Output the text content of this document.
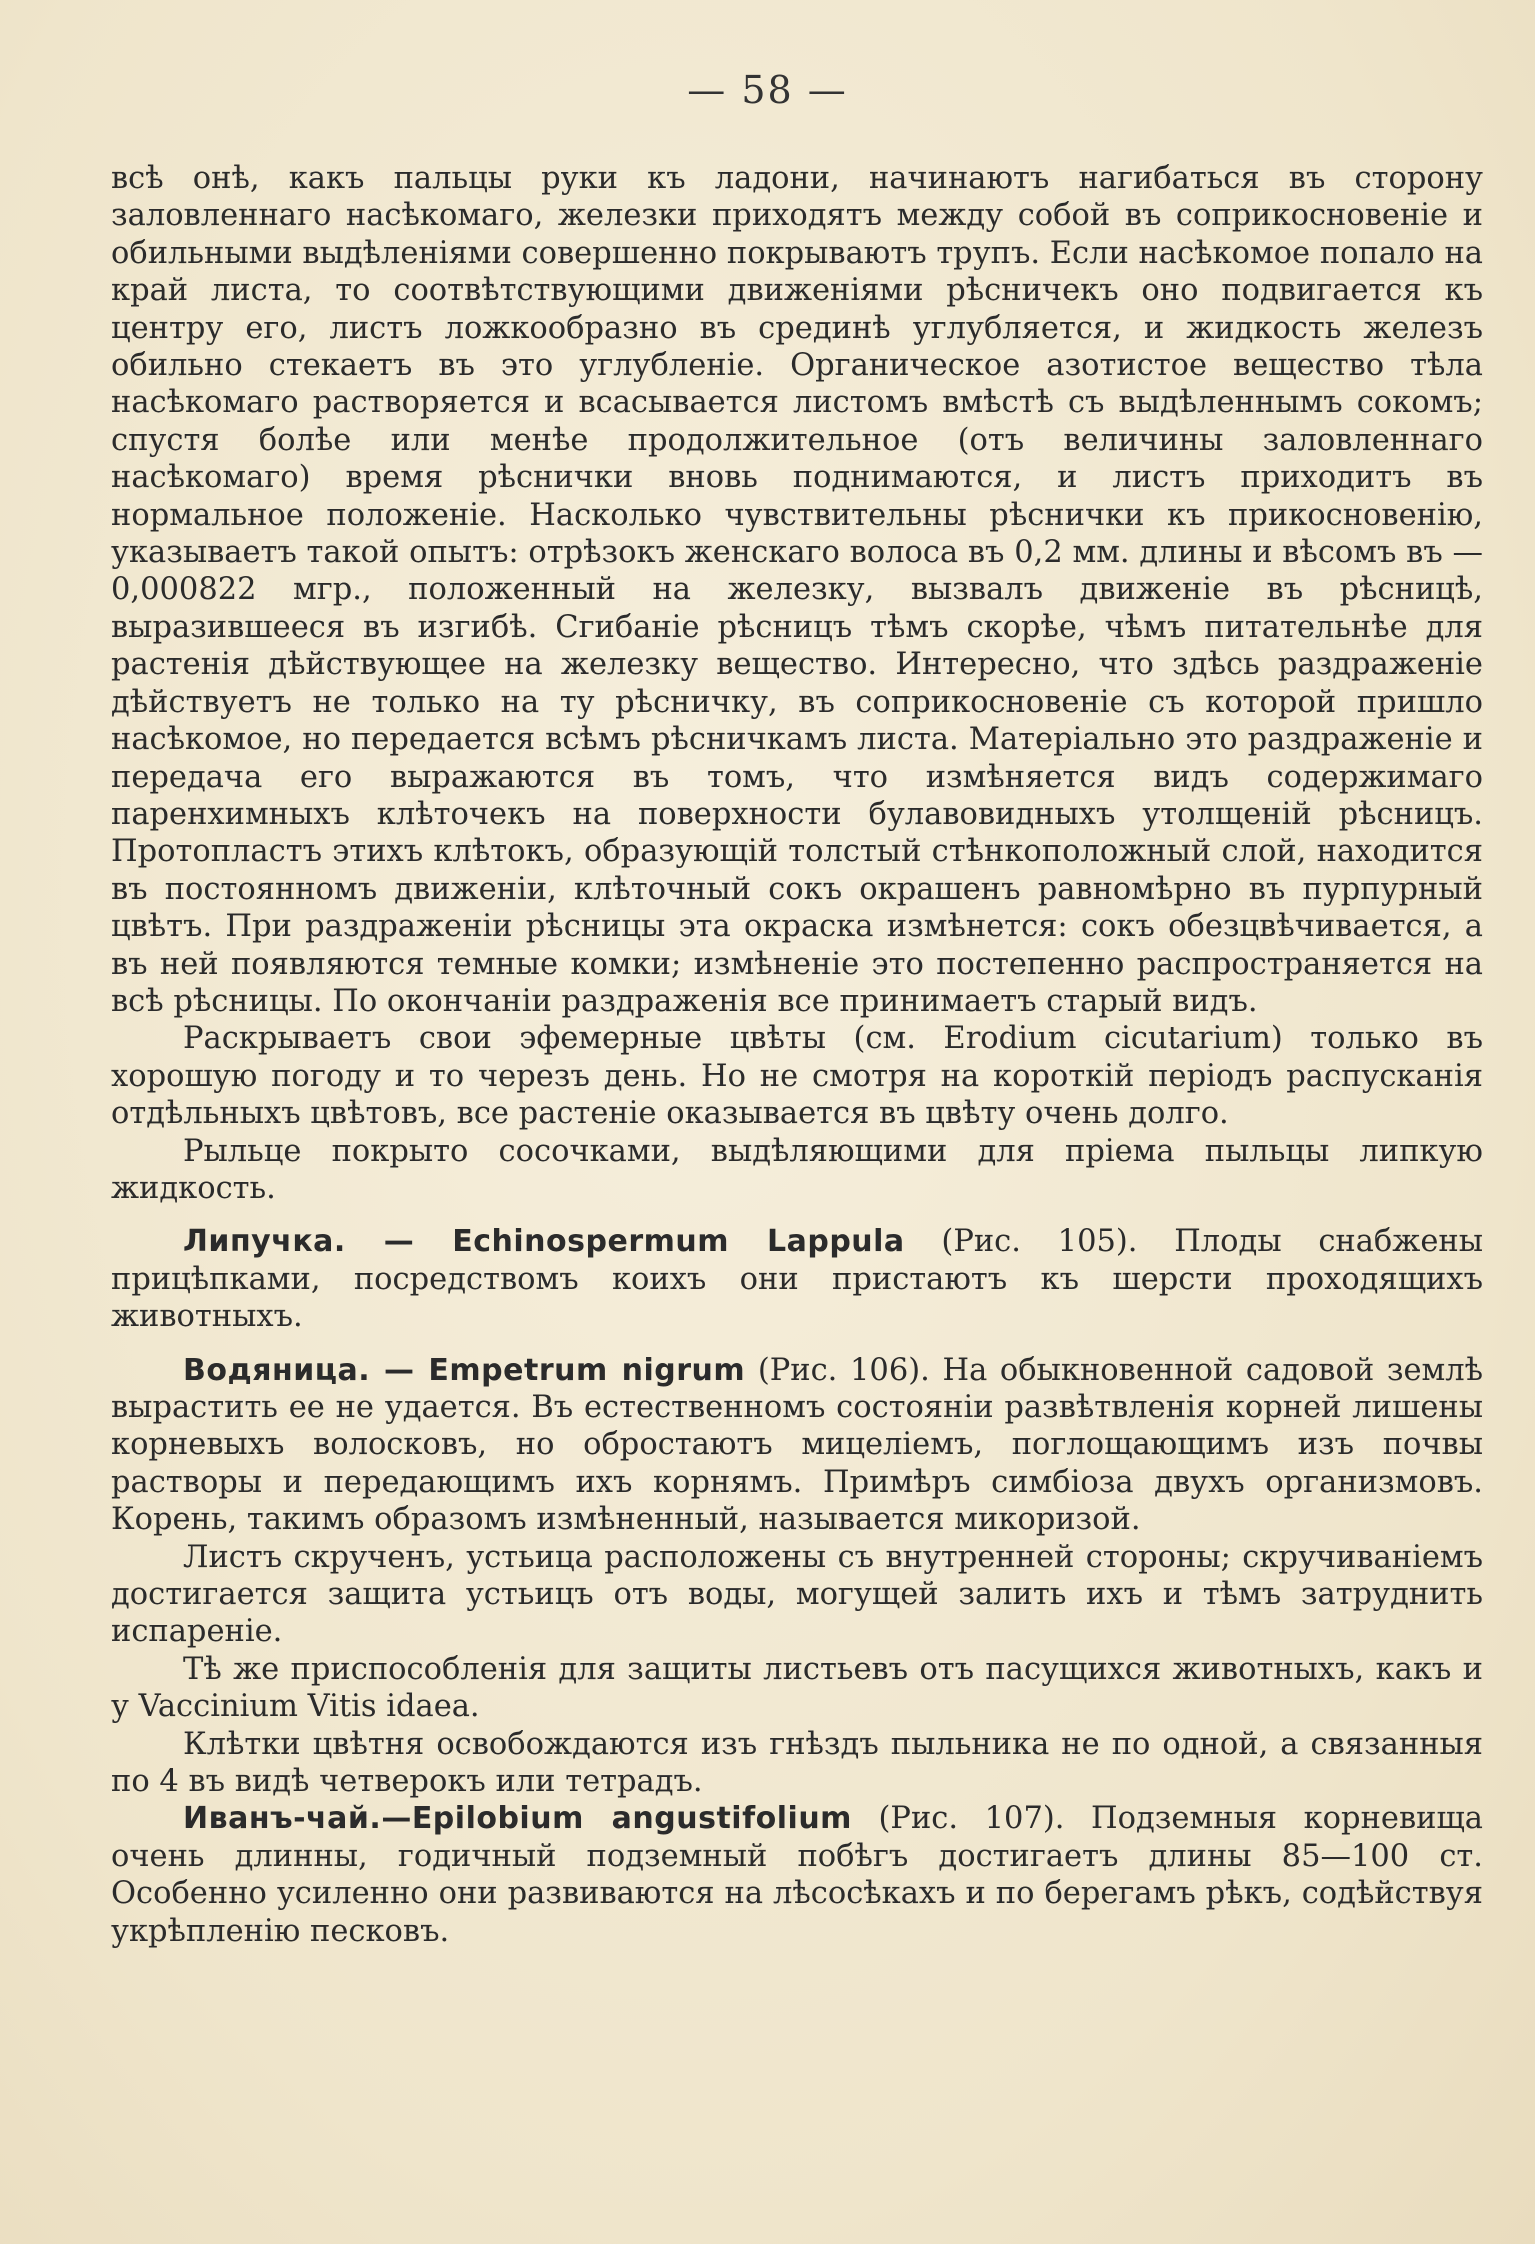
— 58 —

всѣ онѣ, какъ пальцы руки къ ладони, начинаютъ нагибаться въ сторону заловленнаго насѣкомаго, железки приходятъ между собой въ соприкосновеніе и обильными выдѣленіями совершенно покрываютъ трупъ. Если насѣкомое попало на край листа, то соотвѣтствующими движеніями рѣсничекъ оно подвигается къ центру его, листъ ложкообразно въ срединѣ углубляется, и жидкость железъ обильно стекаетъ въ это углубленіе. Органическое азотистое вещество тѣла насѣкомаго растворяется и всасывается листомъ вмѣстѣ съ выдѣленнымъ сокомъ; спустя болѣе или менѣе продолжительное (отъ величины заловленнаго насѣкомаго) время рѣснички вновь поднимаются, и листъ приходитъ въ нормальное положеніе. Насколько чувствительны рѣснички къ прикосновенію, указываетъ такой опытъ: отрѣзокъ женскаго волоса въ 0,2 мм. длины и вѣсомъ въ — 0,000822 мгр., положенный на железку, вызвалъ движеніе въ рѣсницѣ, выразившееся въ изгибѣ. Сгибаніе рѣсницъ тѣмъ скорѣе, чѣмъ питательнѣе для растенія дѣйствующее на железку вещество. Интересно, что здѣсь раздраженіе дѣйствуетъ не только на ту рѣсничку, въ соприкосновеніе съ которой пришло насѣкомое, но передается всѣмъ рѣсничкамъ листа. Матеріально это раздраженіе и передача его выражаются въ томъ, что измѣняется видъ содержимаго паренхимныхъ клѣточекъ на поверхности булавовидныхъ утолщеній рѣсницъ. Протопластъ этихъ клѣтокъ, образующій толстый стѣнкоположный слой, находится въ постоянномъ движеніи, клѣточный сокъ окрашенъ равномѣрно въ пурпурный цвѣтъ. При раздраженіи рѣсницы эта окраска измѣнется: сокъ обезцвѣчивается, а въ ней появляются темные комки; измѣненіе это постепенно распространяется на всѣ рѣсницы. По окончаніи раздраженія все принимаетъ старый видъ.

Раскрываетъ свои эфемерные цвѣты (см. Erodium cicutarium) только въ хорошую погоду и то черезъ день. Но не смотря на короткій періодъ распусканія отдѣльныхъ цвѣтовъ, все растеніе оказывается въ цвѣту очень долго.

Рыльце покрыто сосочками, выдѣляющими для пріема пыльцы липкую жидкость.

Липучка. — Echinospermum Lappula (Рис. 105). Плоды снабжены прицѣпками, посредствомъ коихъ они пристаютъ къ шерсти проходящихъ животныхъ.

Водяница. — Empetrum nigrum (Рис. 106). На обыкновенной садовой землѣ вырастить ее не удается. Въ естественномъ состояніи развѣтвленія корней лишены корневыхъ волосковъ, но обростаютъ мицеліемъ, поглощающимъ изъ почвы растворы и передающимъ ихъ корнямъ. Примѣръ симбіоза двухъ организмовъ. Корень, такимъ образомъ измѣненный, называется микоризой.

Листъ скрученъ, устьица расположены съ внутренней стороны; скручиваніемъ достигается защита устьицъ отъ воды, могущей залить ихъ и тѣмъ затруднить испареніе.

Тѣ же приспособленія для защиты листьевъ отъ пасущихся животныхъ, какъ и у Vaccinium Vitis idaea.

Клѣтки цвѣтня освобождаются изъ гнѣздъ пыльника не по одной, а связанныя по 4 въ видѣ четверокъ или тетрадъ.

Иванъ-чай.—Epilobium angustifolium (Рис. 107). Подземныя корневища очень длинны, годичный подземный побѣгъ достигаетъ длины 85—100 ст. Особенно усиленно они развиваются на лѣсосѣкахъ и по берегамъ рѣкъ, содѣйствуя укрѣпленію песковъ.
